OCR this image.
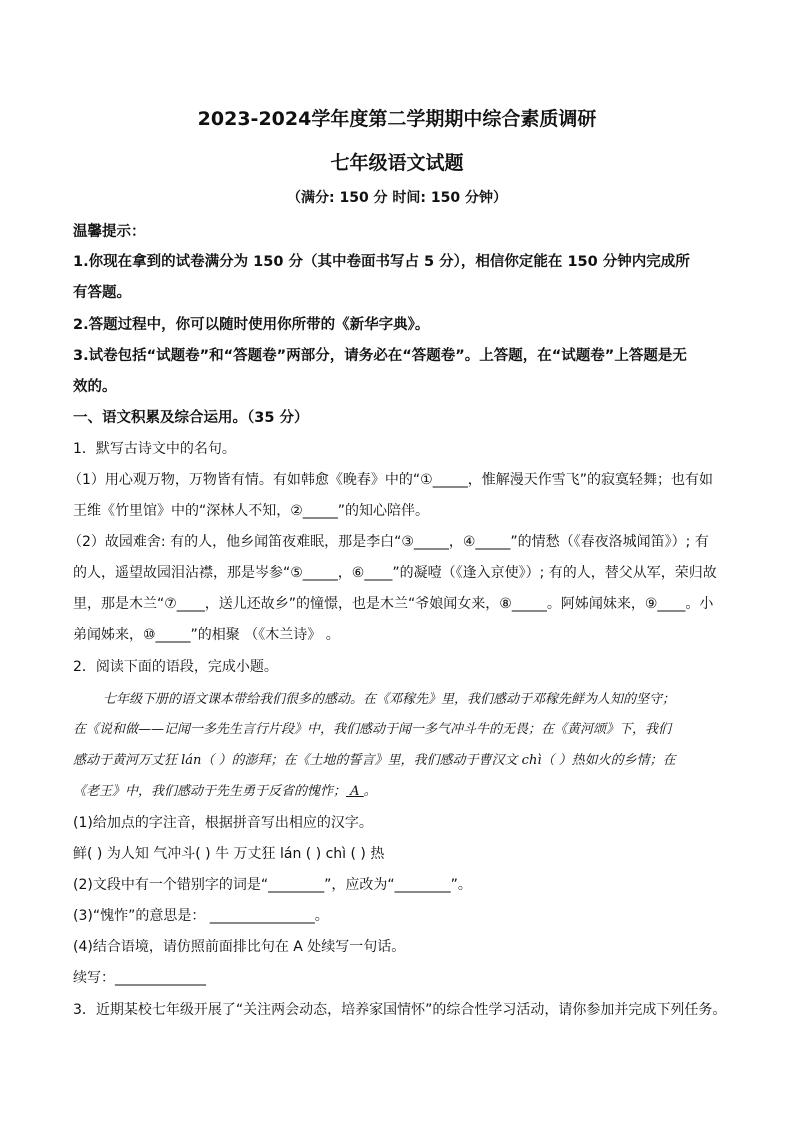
2023-2024学年度第二学期期中综合素质调研
七年级语文试题
（满分: 150 分 时间: 150 分钟）
温馨提示：
1.你现在拿到的试卷满分为 150 分（其中卷面书写占 5 分），相信你定能在 150 分钟内完成所
有答题。
2.答题过程中，你可以随时使用你所带的《新华字典》。
3.试卷包括“试题卷”和“答题卷”两部分，请务必在“答题卷”。上答题，在“试题卷”上答题是无
效的。
一、语文积累及综合运用。（35 分）
1．默写古诗文中的名句。
（1）用心观万物，万物皆有情。有如韩愈《晚春》中的“①_____，惟解漫天作雪飞”的寂寞轻舞；也有如
王维《竹里馆》中的“深林人不知，②_____”的知心陪伴。
（2）故园难舍: 有的人，他乡闻笛夜难眠，那是李白“③_____，④_____”的情愁（《春夜洛城闻笛》）; 有
的人，遥望故园泪沾襟，那是岑参“⑤_____，⑥____”的凝噎（《逢入京使》）; 有的人，替父从军，荣归故
里，那是木兰“⑦____，送儿还故乡”的憧憬，也是木兰“爷娘闻女来，⑧_____。阿姊闻妹来，⑨____。小
弟闻姊来，⑩_____”的相聚 （《木兰诗》 。
2．阅读下面的语段，完成小题。
七年级下册的语文课本带给我们很多的感动。在《邓稼先》里，我们感动于邓稼先鲜为人知的坚守；
在《说和做——记闻一多先生言行片段》中，我们感动于闻一多气冲斗牛的无畏；在《黄河颂》下，我们
感动于黄河万丈狂 lán（ ）的澎拜；在《土地的誓言》里，我们感动于曹汉文 chì（ ）热如火的乡情；在
《老王》中，我们感动于先生勇于反省的愧怍； A 。
(1)给加点的字注音，根据拼音写出相应的汉字。
鲜( ) 为人知 气冲斗( ) 牛 万丈狂 lán ( ) chì ( ) 热
(2)文段中有一个错别字的词是“________”，应改为“________”。
(3)“愧怍”的意思是： _______________。
(4)结合语境，请仿照前面排比句在 A 处续写一句话。
续写：_____________
3．近期某校七年级开展了“关注两会动态，培养家国情怀”的综合性学习活动，请你参加并完成下列任务。
